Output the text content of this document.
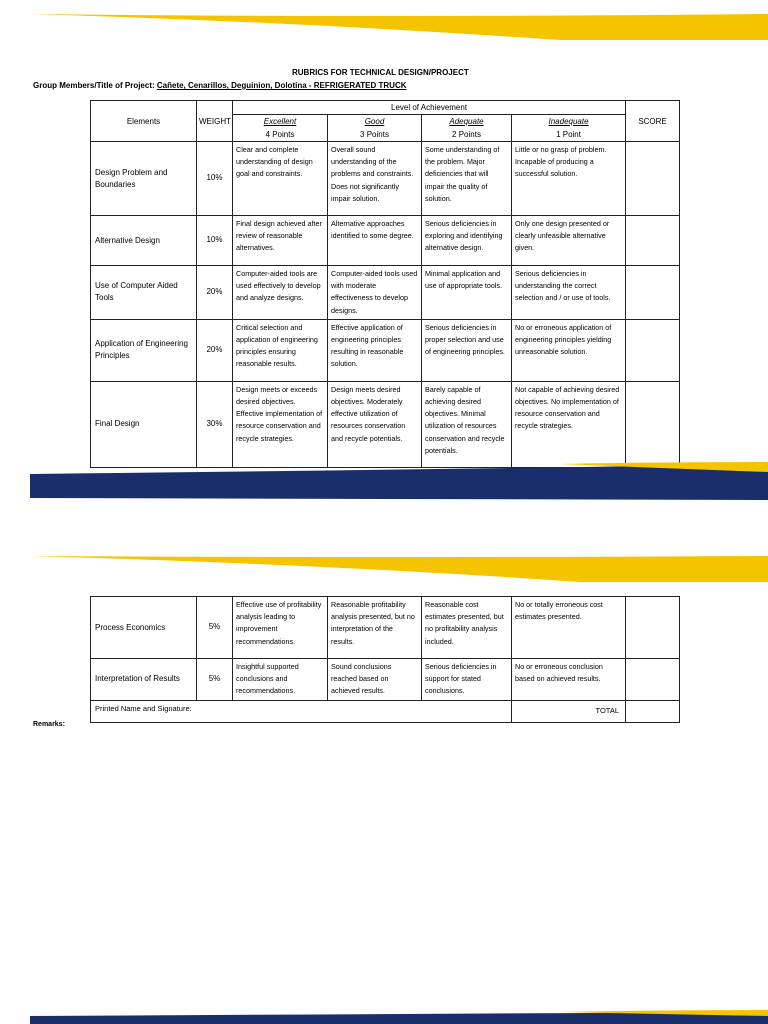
RUBRICS FOR TECHNICAL DESIGN/PROJECT
Group Members/Title of Project: Cañete, Cenarillos, Deguinion, Dolotina - REFRIGERATED TRUCK
Elements	WEIGHT	Level of Achievement				SCORE
		Excellent	Good	Adequate	Inadequate	
		4 Points	3 Points	2 Points	1 Point	
Design Problem and Boundaries	10%	Clear and complete understanding of design goal and constraints.	Overall sound understanding of the problems and constraints. Does not significantly impair solution.	Some understanding of the problem. Major deficiencies that will impair the quality of solution.	Little or no grasp of problem. Incapable of producing a successful solution.	
Alternative Design	10%	Final design achieved after review of reasonable alternatives.	Alternative approaches identified to some degree.	Serious deficiencies in exploring and identifying alternative design.	Only one design presented or clearly unfeasible alternative given.	
Use of Computer Aided Tools	20%	Computer-aided tools are used effectively to develop and analyze designs.	Computer-aided tools used with moderate effectiveness to develop designs.	Minimal application and use of appropriate tools.	Serious deficiencies in understanding the correct selection and / or use of tools.	
Application of Engineering Principles	20%	Critical selection and application of engineering principles ensuring reasonable results.	Effective application of engineering principles resulting in reasonable solution.	Serious deficiencies in proper selection and use of engineering principles.	No or erroneous application of engineering principles yielding unreasonable solution.	
Final Design	30%	Design meets or exceeds desired objectives. Effective implementation of resource conservation and recycle strategies.	Design meets desired objectives. Moderately effective utilization of resources conservation and recycle potentials.	Barely capable of achieving desired objectives. Minimal utilization of resources conservation and recycle potentials.	Not capable of achieving desired objectives. No implementation of resource conservation and recycle strategies.	
Process Economics	5%	Effective use of profitability analysis leading to improvement recommendations.	Reasonable profitability analysis presented, but no interpretation of the results.	Reasonable cost estimates presented, but no profitability analysis included.	No or totally erroneous cost estimates presented.	
Interpretation of Results	5%	Insightful supported conclusions and recommendations.	Sound conclusions reached based on achieved results.	Serious deficiencies in support for stated conclusions.	No or erroneous conclusion based on achieved results.	
Printed Name and Signature:					TOTAL	
Remarks:
